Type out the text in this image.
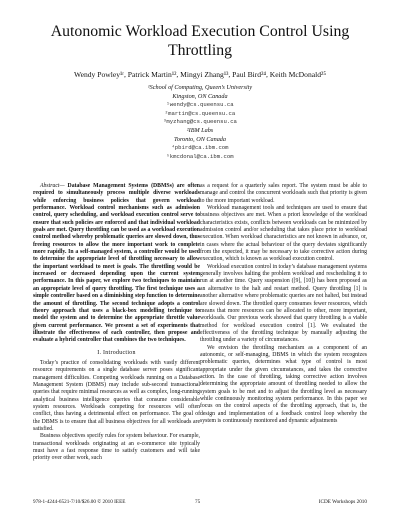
Autonomic Workload Execution Control Using
Throttling
Wendy Powley¹ʳ, Patrick Martin¹², Mingyi Zhang¹³, Paul Bird²⁴, Keith McDonald²⁵
¹School of Computing, Queen’s University
Kingston, ON Canada
¹wendy@cs.queensu.ca
²martin@cs.queensu.ca
³myzhang@cs.queensu.ca
²IBM Labs
Toronto, ON Canada
⁴pbird@ca.ibm.com
⁵kmcdonal@ca.ibm.com

Abstract— Database Management Systems (DBMSs) are often required to simultaneously process multiple diverse workloads while enforcing business policies that govern workload performance. Workload control mechanisms such as admission control, query scheduling, and workload execution control serve to ensure that such policies are enforced and that individual workload goals are met. Query throttling can be used as a workload execution control method whereby problematic queries are slowed down, thus freeing resources to allow the more important work to complete more rapidly. In a self-managed system, a controller would be used to determine the appropriate level of throttling necessary to allow the important workload to meet is goals. The throttling would be increased or decreased depending upon the current system performance. In this paper, we explore two techniques to maintain an appropriate level of query throttling. The first technique uses a simple controller based on a diminishing step function to determine the amount of throttling. The second technique adopts a control theory approach that uses a black-box modelling technique to model the system and to determine the appropriate throttle value given current performance. We present a set of experiments that illustrate the effectiveness of each controller, then propose and evaluate a hybrid controller that combines the two techniques.

I. Introduction

Today’s practice of consolidating workloads with vastly different resource requirements on a single database server poses significant management difficulties. Competing workloads running on a Database Management System (DBMS) may include sub-second transactional queries that require minimal resources as well as complex, long-running analytical business intelligence queries that consume considerable system resources. Workloads competing for resources will often conflict, thus having a detrimental effect on performance. The goal of the DBMS is to ensure that all business objectives for all workloads are satisfied.

Business objectives specify rules for system behaviour. For example, transactional workloads originating at an e-commerce site typically must have a fast response time to satisfy customers and will take priority over other work, such

as a request for a quarterly sales report. The system must be able to manage and control the concurrent workloads such that priority is given to the more important workload.

Workload management tools and techniques are used to ensure that business objectives are met. When a priori knowledge of the workload characteristics exists, conflicts between workloads can be minimized by admission control and/or scheduling that takes place prior to workload execution. When workload characteristics are not known in advance, or, in cases where the actual behaviour of the query deviates significantly from the expected, it may be necessary to take corrective action during execution, which is known as workload execution control.

Workload execution control in today’s database management systems generally involves halting the problem workload and rescheduling it to run at another time. Query suspension ([9], [10]) has been proposed as an alternative to the halt and restart method. Query throttling [1] is another alternative where problematic queries are not halted, but instead are slowed down. The throttled query consumes fewer resources, which means that more resources can be allocated to other, more important, workloads. Our previous work showed that query throttling is a viable method for workload execution control [1]. We evaluated the effectiveness of the throttling technique by manually adjusting the throttling under a variety of circumstances.

We envision the throttling mechanism as a component of an autonomic, or self-managing, DBMS in which the system recognizes problematic queries, determines what type of control is most appropriate under the given circumstances, and takes the corrective action. In the case of throttling, taking corrective action involves determining the appropriate amount of throttling needed to allow the system goals to be met and to adjust the throttling level as necessary while continuously monitoring system performance. In this paper we focus on the control aspects of the throttling approach, that is, the design and implementation of a feedback control loop whereby the system is continuously monitored and dynamic adjustments

978-1-4244-6521-7/10/$26.00 © 2010 IEEE	75	ICDE Workshops 2010
